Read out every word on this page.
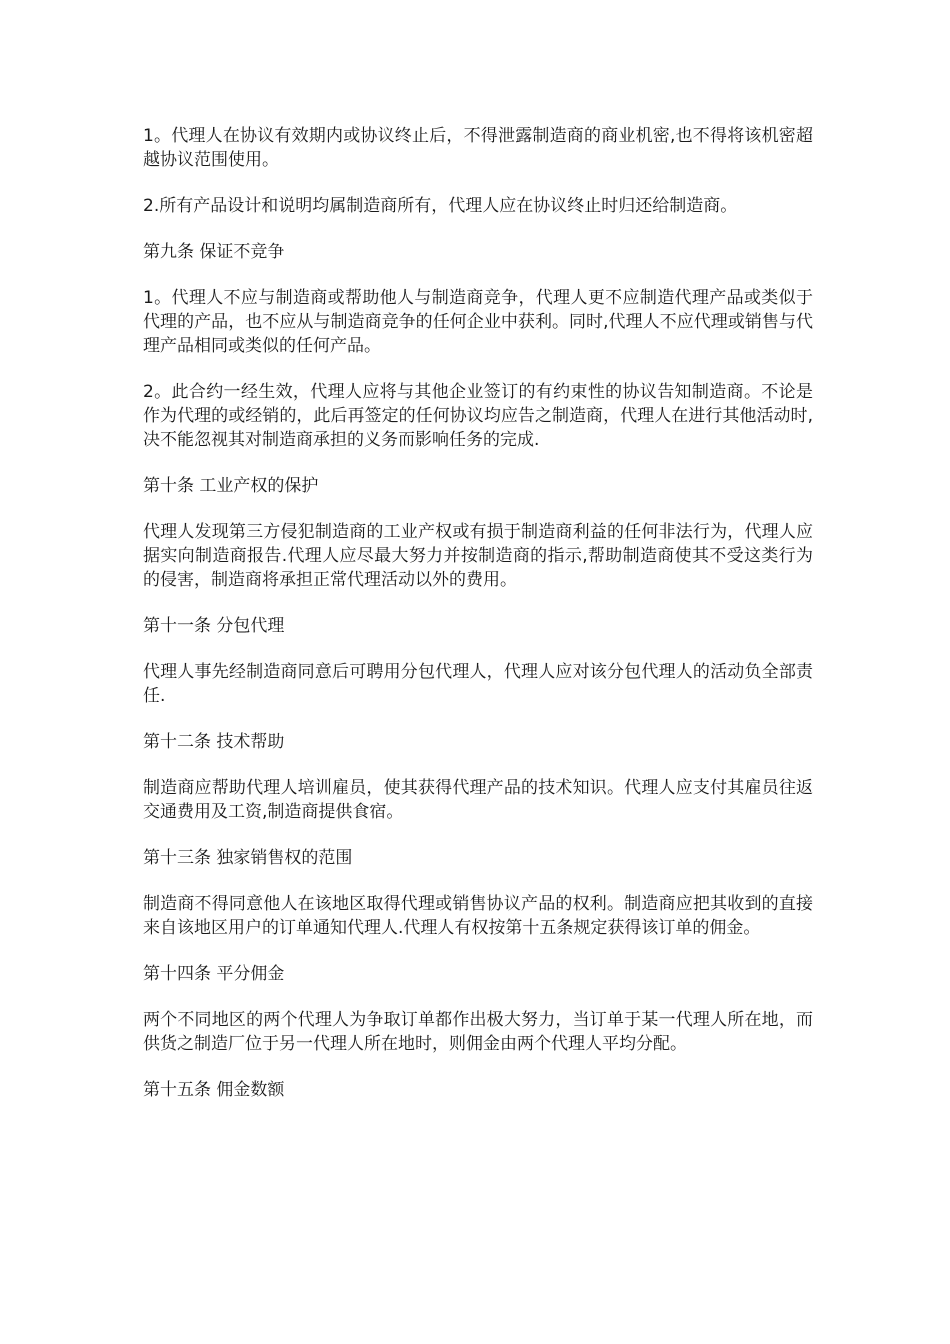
1。代理人在协议有效期内或协议终止后，不得泄露制造商的商业机密,也不得将该机密超越协议范围使用。

2.所有产品设计和说明均属制造商所有，代理人应在协议终止时归还给制造商。

第九条 保证不竞争

1。代理人不应与制造商或帮助他人与制造商竞争，代理人更不应制造代理产品或类似于代理的产品，也不应从与制造商竞争的任何企业中获利。同时,代理人不应代理或销售与代理产品相同或类似的任何产品。

2。此合约一经生效，代理人应将与其他企业签订的有约束性的协议告知制造商。不论是作为代理的或经销的，此后再签定的任何协议均应告之制造商，代理人在进行其他活动时,决不能忽视其对制造商承担的义务而影响任务的完成.

第十条 工业产权的保护

代理人发现第三方侵犯制造商的工业产权或有损于制造商利益的任何非法行为，代理人应据实向制造商报告.代理人应尽最大努力并按制造商的指示,帮助制造商使其不受这类行为的侵害，制造商将承担正常代理活动以外的费用。

第十一条 分包代理

代理人事先经制造商同意后可聘用分包代理人，代理人应对该分包代理人的活动负全部责任.

第十二条 技术帮助

制造商应帮助代理人培训雇员，使其获得代理产品的技术知识。代理人应支付其雇员往返交通费用及工资,制造商提供食宿。

第十三条 独家销售权的范围

制造商不得同意他人在该地区取得代理或销售协议产品的权利。制造商应把其收到的直接来自该地区用户的订单通知代理人.代理人有权按第十五条规定获得该订单的佣金。

第十四条 平分佣金

两个不同地区的两个代理人为争取订单都作出极大努力，当订单于某一代理人所在地，而供货之制造厂位于另一代理人所在地时，则佣金由两个代理人平均分配。

第十五条 佣金数额
